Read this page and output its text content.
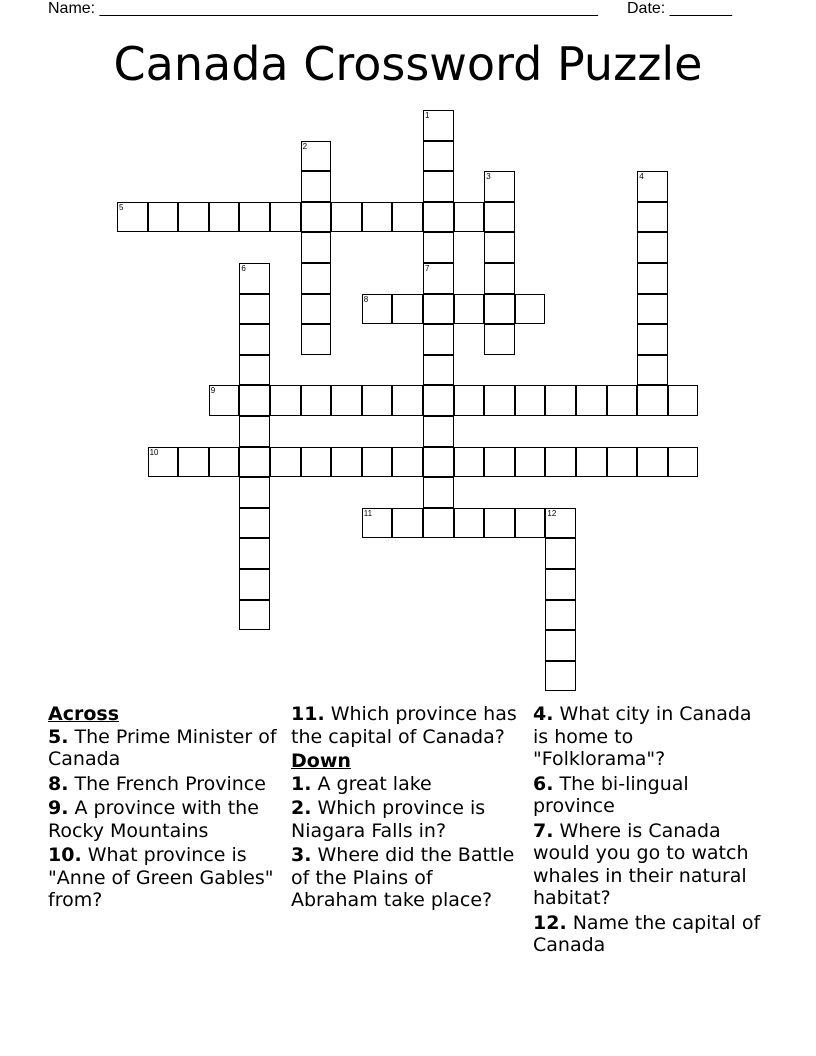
Name: ________________________________________________________ Date: _______
Canada Crossword Puzzle
1
7
2
3	4
5
6
8
9
10
11	12
Across
5. The Prime Minister of Canada
8. The French Province
9. A province with the Rocky Mountains
10. What province is "Anne of Green Gables" from?
11. Which province has the capital of Canada?
Down
1. A great lake
2. Which province is Niagara Falls in?
3. Where did the Battle of the Plains of Abraham take place?
4. What city in Canada is home to "Folklorama"?
6. The bi-lingual province
7. Where is Canada would you go to watch whales in their natural habitat?
12. Name the capital of Canada
